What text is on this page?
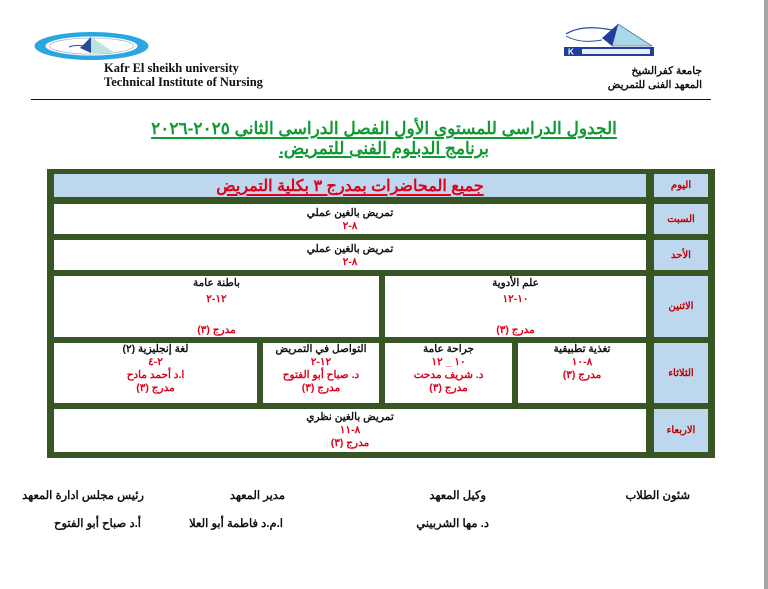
K
Kafr El sheikh university
Technical Institute of Nursing
جامعة كفرالشيخ
المعهد الفنى للتمريض
الجدول الدراسى للمستوى الأول الفصل الدراسى الثانى ٢٠٢٥-٢٠٢٦
برنامج الدبلوم الفنى للتمريض.
جميع المحاضرات بمدرج ٣ بكلية التمريض	اليوم
تمريض بالغين عملي
٨-٢
السبت
تمريض بالغين عملي
٨-٢
الأحد
علم الأدوية
١٠-١٢
مدرج (٣)
باطنة عامة
١٢-٢
مدرج (٣)
الاثنين
تغذية تطبيقية
٨-١٠
مدرج (٣)
جراحة عامة
١٠ _ ١٢
د. شريف مدحت
مدرج (٣)
التواصل في التمريض
١٢-٢
د. صباح أبو الفتوح
مدرج (٣)
لغة إنجليزية (٢)
٢-٤
ا.د أحمد مادح
مدرج (٣)
الثلاثاء
تمريض بالغين نظري
٨-١١
مدرج (٣)
الاربعاء
شئون الطلاب
وكيل المعهد
د. مها الشربيني
مدير المعهد
ا.م.د فاطمة أبو العلا
رئيس مجلس ادارة المعهد
أ.د صباح أبو الفتوح
